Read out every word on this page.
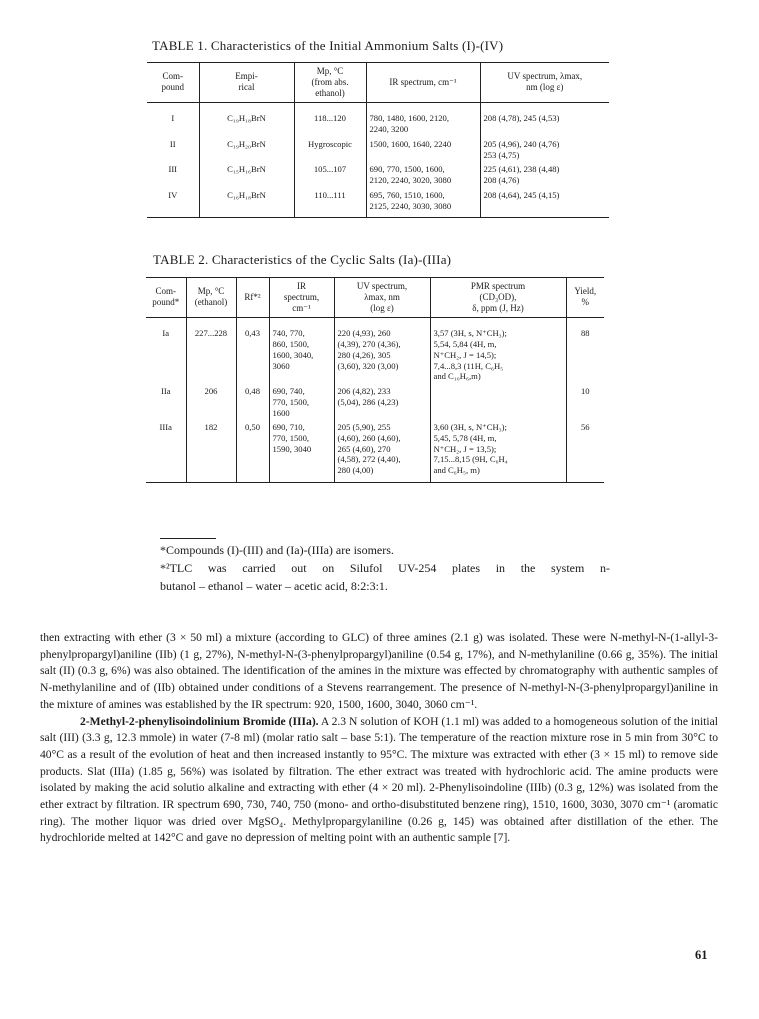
TABLE 1. Characteristics of the Initial Ammonium Salts (I)-(IV)
Com-
pound	Empi-
rical	Mp, °C
(from abs.
ethanol)	IR spectrum, cm⁻¹	UV spectrum, λmax,
nm (log ε)
I	C₁₉H₁₈BrN	118...120	780, 1480, 1600, 2120,
2240, 3200	208 (4,78), 245 (4,53)
II	C₁₉H₂₀BrN	Hygroscopic	1500, 1600, 1640, 2240	205 (4,96), 240 (4,76)
253 (4,75)
III	C₁₅H₁₆BrN	105...107	690, 770, 1500, 1600,
2120, 2240, 3020, 3080	225 (4,61), 238 (4,48)
208 (4,76)
IV	C₁₆H₁₈BrN	110...111	695, 760, 1510, 1600,
2125, 2240, 3030, 3080	208 (4,64), 245 (4,15)
TABLE 2. Characteristics of the Cyclic Salts (Ia)-(IIIa)
Com-
pound*	Mp, °C
(ethanol)	Rf*²	IR
spectrum,
cm⁻¹	UV spectrum,
λmax, nm
(log ε)	PMR spectrum
(CD₃OD),
δ, ppm (J, Hz)	Yield,
%
Ia	227...228	0,43	740, 770,
860, 1500,
1600, 3040,
3060	220 (4,93), 260
(4,39), 270 (4,36),
280 (4,26), 305
(3,60), 320 (3,00)	3,57 (3H, s, N⁺CH₃);
5,54, 5,84 (4H, m,
N⁺CH₂, J = 14,5);
7,4...8,3 (11H, C₆H₅
and C₁₀H₆,m)	88
IIa	206	0,48	690, 740,
770, 1500,
1600	206 (4,82), 233
(5,04), 286 (4,23)		10
IIIa	182	0,50	690, 710,
770, 1500,
1590, 3040	205 (5,90), 255
(4,60), 260 (4,60),
265 (4,60), 270
(4,58), 272 (4,40),
280 (4,00)	3,60 (3H, s, N⁺CH₃);
5,45, 5,78 (4H, m,
N⁺CH₂, J = 13,5);
7,15...8,15 (9H, C₆H₄
and C₆H₅, m)	56
*Compounds (I)-(III) and (Ia)-(IIIa) are isomers.
*²TLC was carried out on Silufol UV-254 plates in the system n-
butanol – ethanol – water – acetic acid, 8:2:3:1.

then extracting with ether (3 × 50 ml) a mixture (according to GLC) of three amines (2.1 g) was isolated. These were N-methyl-N-(1-allyl-3-phenylpropargyl)aniline (IIb) (1 g, 27%), N-methyl-N-(3-phenylpropargyl)aniline (0.54 g, 17%), and N-methylaniline (0.66 g, 35%). The initial salt (II) (0.3 g, 6%) was also obtained. The identification of the amines in the mixture was effected by chromatography with authentic samples of N-methylaniline and of (IIb) obtained under conditions of a Stevens rearrangement. The presence of N-methyl-N-(3-phenylpropargyl)aniline in the mixture of amines was established by the IR spectrum: 920, 1500, 1600, 3040, 3060 cm⁻¹.

2-Methyl-2-phenylisoindolinium Bromide (IIIa). A 2.3 N solution of KOH (1.1 ml) was added to a homogeneous solution of the initial salt (III) (3.3 g, 12.3 mmole) in water (7-8 ml) (molar ratio salt – base 5:1). The temperature of the reaction mixture rose in 5 min from 30°C to 40°C as a result of the evolution of heat and then increased instantly to 95°C. The mixture was extracted with ether (3 × 15 ml) to remove side products. Slat (IIIa) (1.85 g, 56%) was isolated by filtration. The ether extract was treated with hydrochloric acid. The amine products were isolated by making the acid solutio alkaline and extracting with ether (4 × 20 ml). 2-Phenylisoindoline (IIIb) (0.3 g, 12%) was isolated from the ether extract by filtration. IR spectrum 690, 730, 740, 750 (mono- and ortho-disubstituted benzene ring), 1510, 1600, 3030, 3070 cm⁻¹ (aromatic ring). The mother liquor was dried over MgSO₄. Methylpropargylaniline (0.26 g, 145) was obtained after distillation of the ether. The hydrochloride melted at 142°C and gave no depression of melting point with an authentic sample [7].

61
